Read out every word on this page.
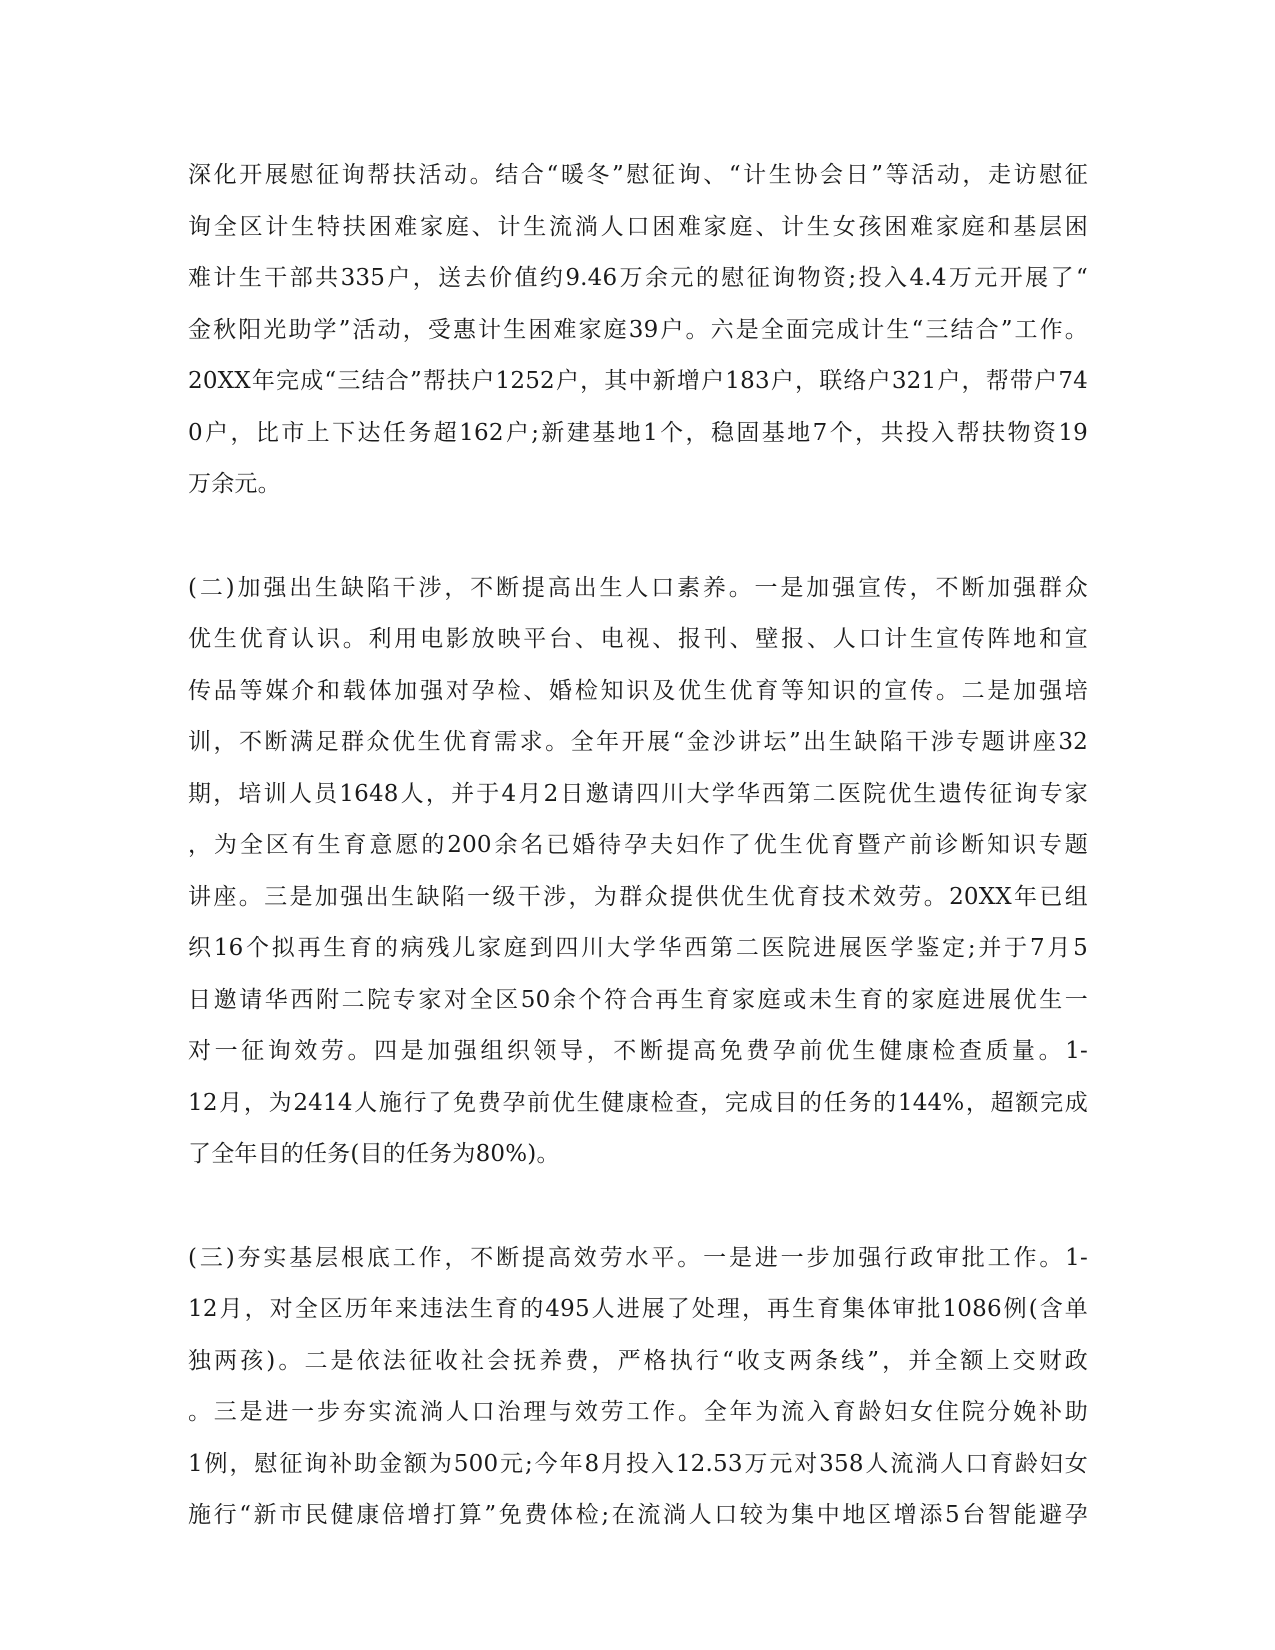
深化开展慰征询帮扶活动。结合“暖冬”慰征询、“计生协会日”等活动，走访慰征
询全区计生特扶困难家庭、计生流淌人口困难家庭、计生女孩困难家庭和基层困
难计生干部共335户，送去价值约9.46万余元的慰征询物资;投入4.4万元开展了“
金秋阳光助学”活动，受惠计生困难家庭39户。六是全面完成计生“三结合”工作。
20XX年完成“三结合”帮扶户1252户，其中新增户183户，联络户321户，帮带户74
0户，比市上下达任务超162户;新建基地1个，稳固基地7个，共投入帮扶物资19
万余元。
(二)加强出生缺陷干涉，不断提高出生人口素养。一是加强宣传，不断加强群众
优生优育认识。利用电影放映平台、电视、报刊、壁报、人口计生宣传阵地和宣
传品等媒介和载体加强对孕检、婚检知识及优生优育等知识的宣传。二是加强培
训，不断满足群众优生优育需求。全年开展“金沙讲坛”出生缺陷干涉专题讲座32
期，培训人员1648人，并于4月2日邀请四川大学华西第二医院优生遗传征询专家
，为全区有生育意愿的200余名已婚待孕夫妇作了优生优育暨产前诊断知识专题
讲座。三是加强出生缺陷一级干涉，为群众提供优生优育技术效劳。20XX年已组
织16个拟再生育的病残儿家庭到四川大学华西第二医院进展医学鉴定;并于7月5
日邀请华西附二院专家对全区50余个符合再生育家庭或未生育的家庭进展优生一
对一征询效劳。四是加强组织领导，不断提高免费孕前优生健康检查质量。1-
12月，为2414人施行了免费孕前优生健康检查，完成目的任务的144%，超额完成
了全年目的任务(目的任务为80%)。
(三)夯实基层根底工作，不断提高效劳水平。一是进一步加强行政审批工作。1-
12月，对全区历年来违法生育的495人进展了处理，再生育集体审批1086例(含单
独两孩)。二是依法征收社会抚养费，严格执行“收支两条线”，并全额上交财政
。三是进一步夯实流淌人口治理与效劳工作。全年为流入育龄妇女住院分娩补助
1例，慰征询补助金额为500元;今年8月投入12.53万元对358人流淌人口育龄妇女
施行“新市民健康倍增打算”免费体检;在流淌人口较为集中地区增添5台智能避孕
